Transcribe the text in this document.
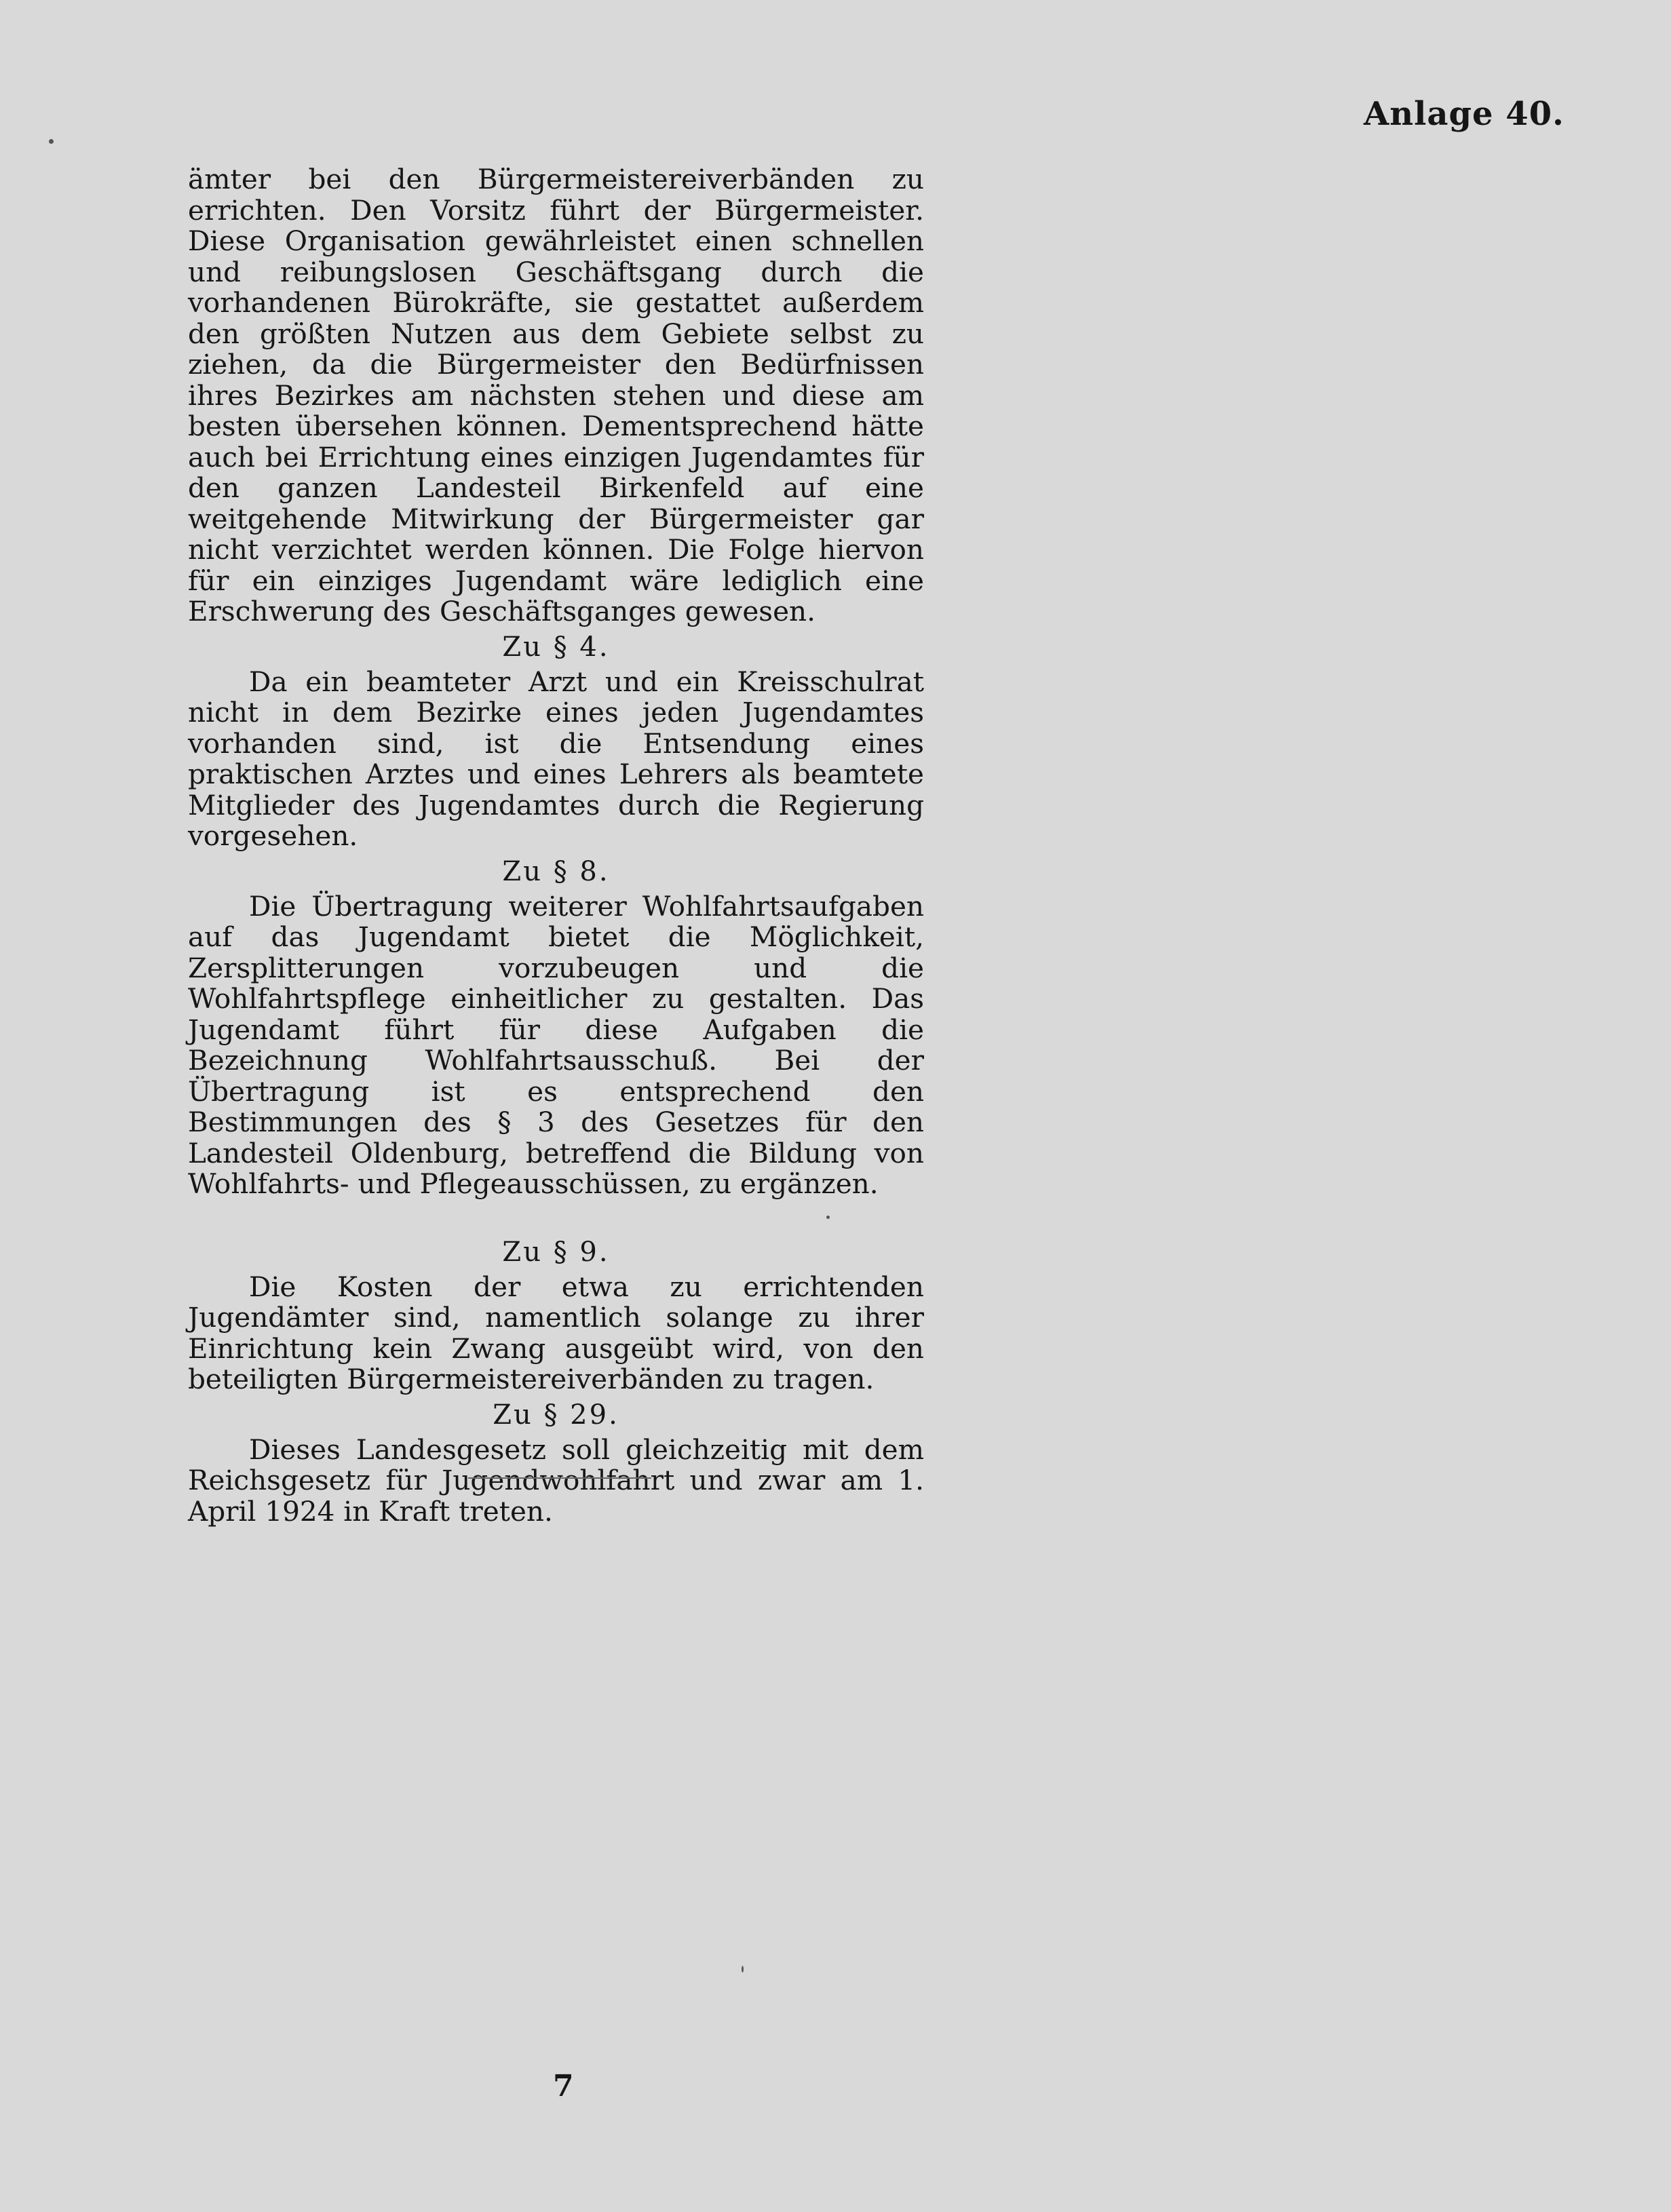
Anlage 40.

ämter bei den Bürgermeistereiverbänden zu errichten. Den Vorsitz führt der Bürgermeister. Diese Organisation gewährleistet einen schnellen und reibungslosen Geschäftsgang durch die vorhandenen Bürokräfte, sie gestattet außerdem den größten Nutzen aus dem Gebiete selbst zu ziehen, da die Bürgermeister den Bedürfnissen ihres Bezirkes am nächsten stehen und diese am besten übersehen können. Dementsprechend hätte auch bei Errichtung eines einzigen Jugendamtes für den ganzen Landesteil Birkenfeld auf eine weitgehende Mitwirkung der Bürgermeister gar nicht verzichtet werden können. Die Folge hiervon für ein einziges Jugendamt wäre lediglich eine Erschwerung des Geschäftsganges gewesen.

Zu § 4.

Da ein beamteter Arzt und ein Kreisschulrat nicht in dem Bezirke eines jeden Jugendamtes vorhanden sind, ist die Entsendung eines praktischen Arztes und eines Lehrers als beamtete Mitglieder des Jugendamtes durch die Regierung vorgesehen.

Zu § 8.

Die Übertragung weiterer Wohlfahrtsaufgaben auf das Jugendamt bietet die Möglichkeit, Zersplitterungen vorzubeugen und die Wohlfahrtspflege einheitlicher zu gestalten. Das Jugendamt führt für diese Aufgaben die Bezeichnung Wohlfahrtsausschuß. Bei der Übertragung ist es entsprechend den Bestimmungen des § 3 des Gesetzes für den Landesteil Oldenburg, betreffend die Bildung von Wohlfahrts- und Pflegeausschüssen, zu ergänzen.

Zu § 9.

Die Kosten der etwa zu errichtenden Jugendämter sind, namentlich solange zu ihrer Einrichtung kein Zwang ausgeübt wird, von den beteiligten Bürgermeistereiverbänden zu tragen.

Zu § 29.

Dieses Landesgesetz soll gleichzeitig mit dem Reichsgesetz für Jugendwohlfahrt und zwar am 1. April 1924 in Kraft treten.

7
